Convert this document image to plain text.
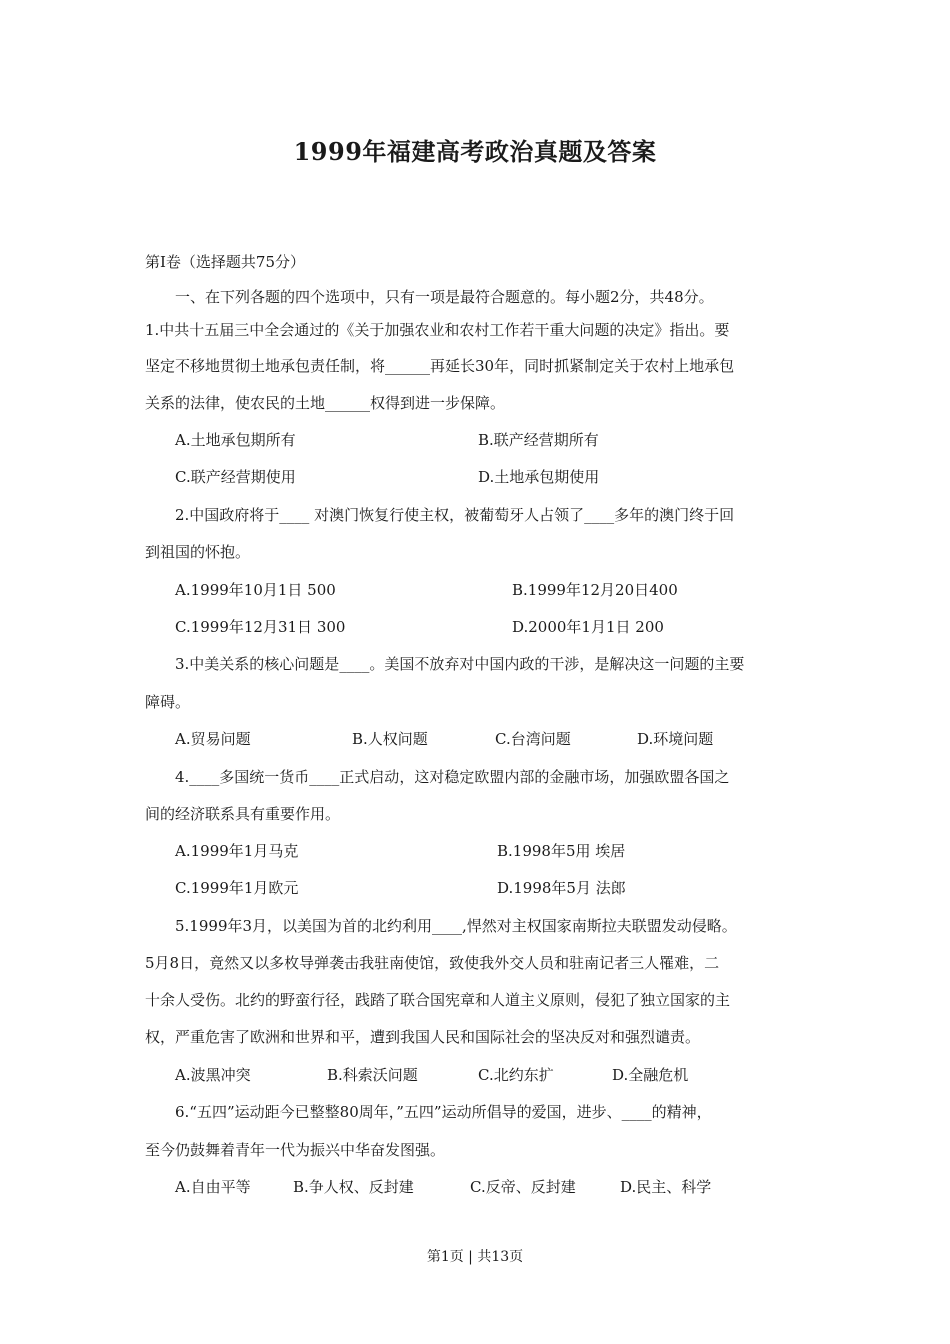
1999年福建高考政治真题及答案
第Ⅰ卷（选择题共75分）
一、在下列各题的四个选项中，只有一项是最符合题意的。每小题2分，共48分。
1.中共十五届三中全会通过的《关于加强农业和农村工作若干重大问题的决定》指出。要
坚定不移地贯彻土地承包责任制，将______再延长30年，同时抓紧制定关于农村上地承包
关系的法律，使农民的土地______权得到进一步保障。
A.土地承包期所有	B.联产经营期所有
C.联产经营期使用	D.土地承包期使用
2.中国政府将于____ 对澳门恢复行使主权，被葡萄牙人占领了____多年的澳门终于回
到祖国的怀抱。
A.1999年10月1日 500	B.1999年12月20日400
C.1999年12月31日 300	D.2000年1月1日 200
3.中美关系的核心问题是____。美国不放弃对中国内政的干涉，是解决这一问题的主要
障碍。
A.贸易问题	B.人权问题	C.台湾问题	D.环境问题
4.____多国统一货币____正式启动，这对稳定欧盟内部的金融市场，加强欧盟各国之
间的经济联系具有重要作用。
A.1999年1月马克	B.1998年5用 埃居
C.1999年1月欧元	D.1998年5月 法郎
5.1999年3月，以美国为首的北约利用____,悍然对主权国家南斯拉夫联盟发动侵略。
5月8日，竟然又以多枚导弹袭击我驻南使馆，致使我外交人员和驻南记者三人罹难，二
十余人受伤。北约的野蛮行径，践踏了联合国宪章和人道主义原则，侵犯了独立国家的主
权，严重危害了欧洲和世界和平，遭到我国人民和国际社会的坚决反对和强烈谴责。
A.波黑冲突	B.科索沃问题	C.北约东扩	D.全融危机
6.“五四”运动距今已整整80周年，”五四”运动所倡导的爱国，进步、____的精神，
至今仍鼓舞着青年一代为振兴中华奋发图强。
A.自由平等	B.争人权、反封建	C.反帝、反封建	D.民主、科学
第1页 | 共13页
